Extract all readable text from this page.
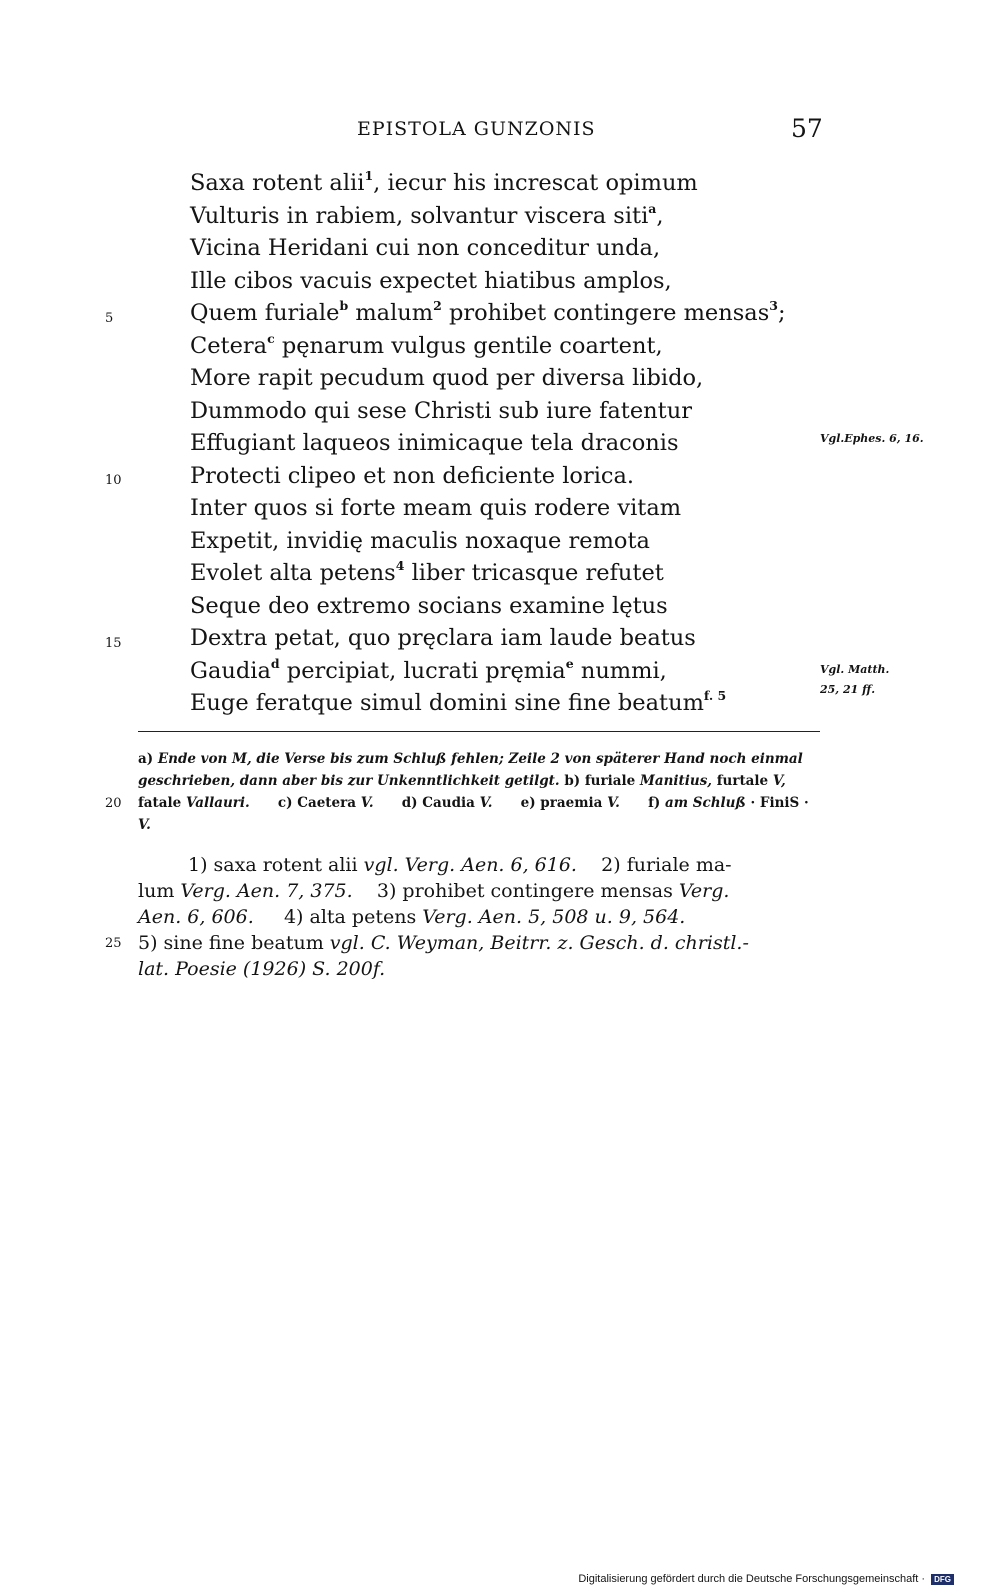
EPISTOLA GUNZONIS	57
Saxa rotent alii$^1$, iecur his increscat opimum
Vulturis in rabiem, solvantur viscera siti$^a$,
Vicina Heridani cui non conceditur unda,
Ille cibos vacuis expectet hiatibus amplos,
Quem furiale$^b$ malum$^2$ prohibet contingere mensas$^3$;
Cetera$^c$ pęnarum vulgus gentile coartent,
More rapit pecudum quod per diversa libido,
Dummodo qui sese Christi sub iure fatentur
Effugiant laqueos inimicaque tela draconis
Protecti clipeo et non deficiente lorica.
Inter quos si forte meam quis rodere vitam
Expetit, invidię maculis noxaque remota
Evolet alta petens$^4$ liber tricasque refutet
Seque deo extremo socians examine lętus
Dextra petat, quo pręclara iam laude beatus
Gaudia$^d$ percipiat, lucrati pręmia$^e$ nummi,
Euge feratque simul domini sine fine beatum$^{f. 5}$
5
10
15
20
25
Vgl.Ephes. 6, 16.
Vgl. Matth.
25, 21 ff.
a) Ende von M, die Verse bis zum Schluß fehlen; Zeile 2 von späterer Hand noch einmal geschrieben, dann aber bis zur Unkenntlichkeit getilgt. b) furiale Manitius, furtale V, fatale Vallauri. c) Caetera V. d) Caudia V. e) praemia V. f) am Schluß · FiniS · V.
1) saxa rotent alii vgl. Verg. Aen. 6, 616. 2) furiale ma-
lum Verg. Aen. 7, 375. 3) prohibet contingere mensas Verg.
Aen. 6, 606. 4) alta petens Verg. Aen. 5, 508 u. 9, 564.
5) sine fine beatum vgl. C. Weyman, Beitrr. z. Gesch. d. christl.-
lat. Poesie (1926) S. 200f.
Digitalisierung gefördert durch die Deutsche Forschungsgemeinschaft · DFG
